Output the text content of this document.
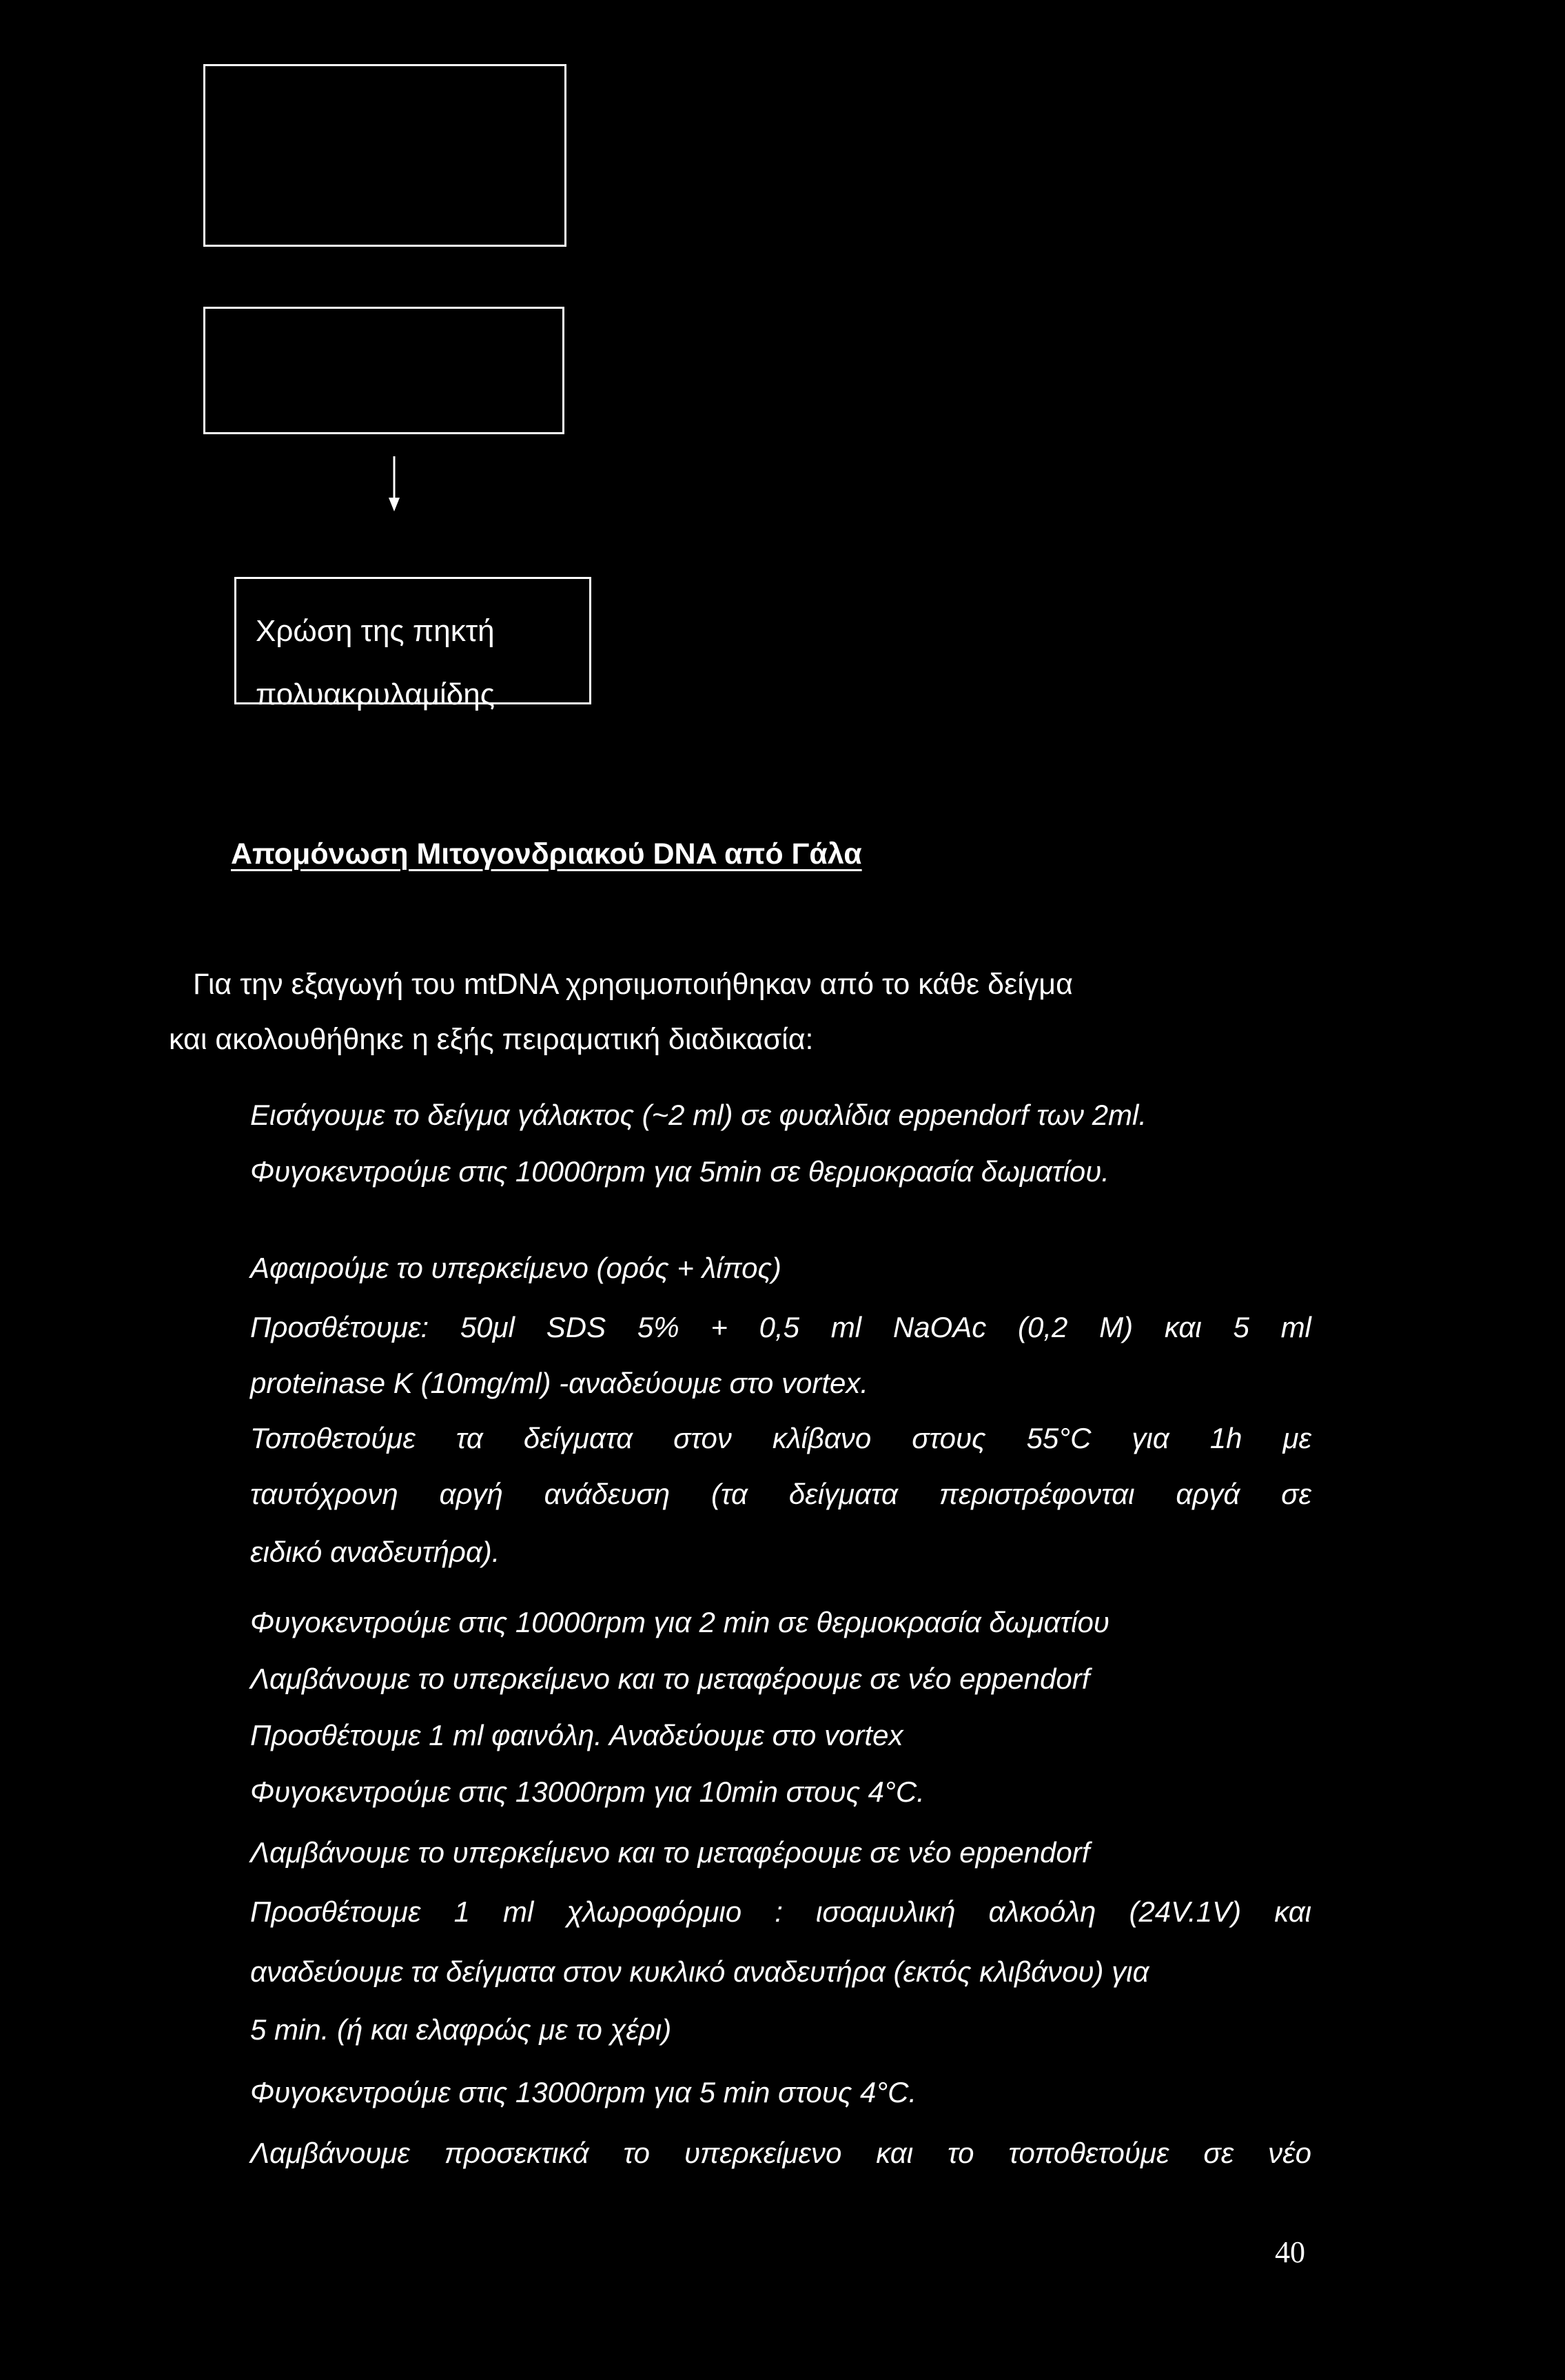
Χρώση της πηκτή
πολυακρυλαμίδης
Απομόνωση Μιτογονδριακού DNA από Γάλα
Για την εξαγωγή του mtDNA χρησιμοποιήθηκαν από το κάθε δείγμα
και ακολουθήθηκε η εξής πειραματική διαδικασία:
Εισάγουμε το δείγμα γάλακτος (~2 ml) σε φυαλίδια eppendorf των 2ml.
Φυγοκεντρούμε στις 10000rpm για 5min σε θερμοκρασία δωματίου.
Αφαιρούμε το υπερκείμενο (ορός + λίπος)
Προσθέτουμε: 50μl SDS 5% + 0,5 ml NaOAc (0,2 M) και 5 ml
proteinase K (10mg/ml) -αναδεύουμε στο vortex.
Τοποθετούμε τα δείγματα στον κλίβανο στους 55°C για 1h με
ταυτόχρονη αργή ανάδευση (τα δείγματα περιστρέφονται αργά σε
ειδικό αναδευτήρα).
Φυγοκεντρούμε στις 10000rpm για 2 min σε θερμοκρασία δωματίου
Λαμβάνουμε το υπερκείμενο και το μεταφέρουμε σε νέο eppendorf
Προσθέτουμε 1 ml φαινόλη. Αναδεύουμε στο vortex
Φυγοκεντρούμε στις 13000rpm για 10min στους 4°C.
Λαμβάνουμε το υπερκείμενο και το μεταφέρουμε σε νέο eppendorf
Προσθέτουμε 1 ml χλωροφόρμιο : ισοαμυλική αλκοόλη (24V.1V) και
αναδεύουμε τα δείγματα στον κυκλικό αναδευτήρα (εκτός κλιβάνου) για
5 min. (ή και ελαφρώς με το χέρι)
Φυγοκεντρούμε στις 13000rpm για 5 min στους 4°C.
Λαμβάνουμε προσεκτικά το υπερκείμενο και το τοποθετούμε σε νέο
40
